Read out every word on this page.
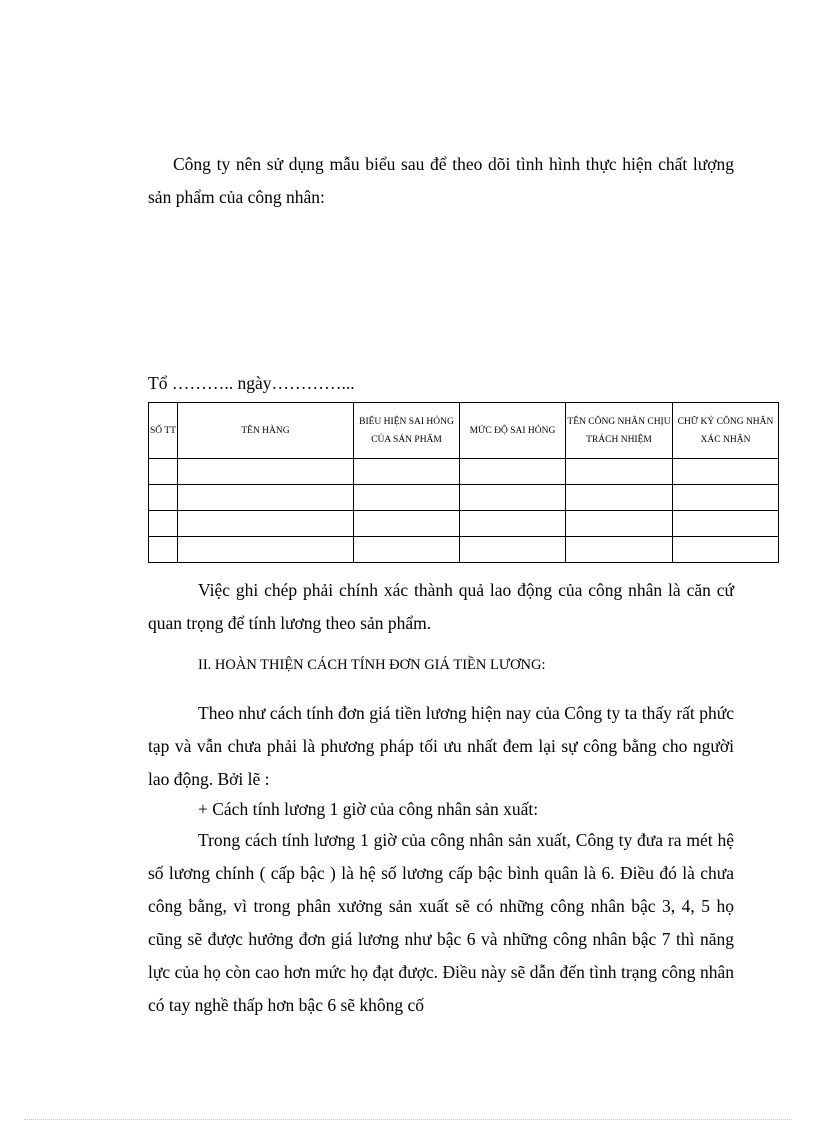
Công ty nên sử dụng mẫu biểu sau để theo dõi tình hình thực hiện chất lượng sản phẩm của công nhân:

Tổ ……….. ngày…………...
SỐ TT	TÊN HÀNG	BIỂU HIỆN SAI HỎNG CỦA SẢN PHẨM	MỨC ĐỘ SAI HỎNG	TÊN CÔNG NHÂN CHỊU TRÁCH NHIỆM	CHỮ KÝ CÔNG NHÂN XÁC NHẬN

Việc ghi chép phải chính xác thành quả lao động của công nhân là căn cứ quan trọng để tính lương theo sản phẩm.

II. HOÀN THIỆN CÁCH TÍNH ĐƠN GIÁ TIỀN LƯƠNG:

Theo như cách tính đơn giá tiền lương hiện nay của Công ty ta thấy rất phức tạp và vẫn chưa phải là phương pháp tối ưu nhất đem lại sự công bằng cho người lao động. Bởi lẽ :

+ Cách tính lương 1 giờ của công nhân sản xuất:

Trong cách tính lương 1 giờ của công nhân sản xuất, Công ty đưa ra mét hệ số lương chính ( cấp bậc ) là hệ số lương cấp bậc bình quân là 6. Điều đó là chưa công bằng, vì trong phân xưởng sản xuất sẽ có những công nhân bậc 3, 4, 5 họ cũng sẽ được hưởng đơn giá lương như bậc 6 và những công nhân bậc 7 thì năng lực của họ còn cao hơn mức họ đạt được. Điều này sẽ dẫn đến tình trạng công nhân có tay nghề thấp hơn bậc 6 sẽ không cố
